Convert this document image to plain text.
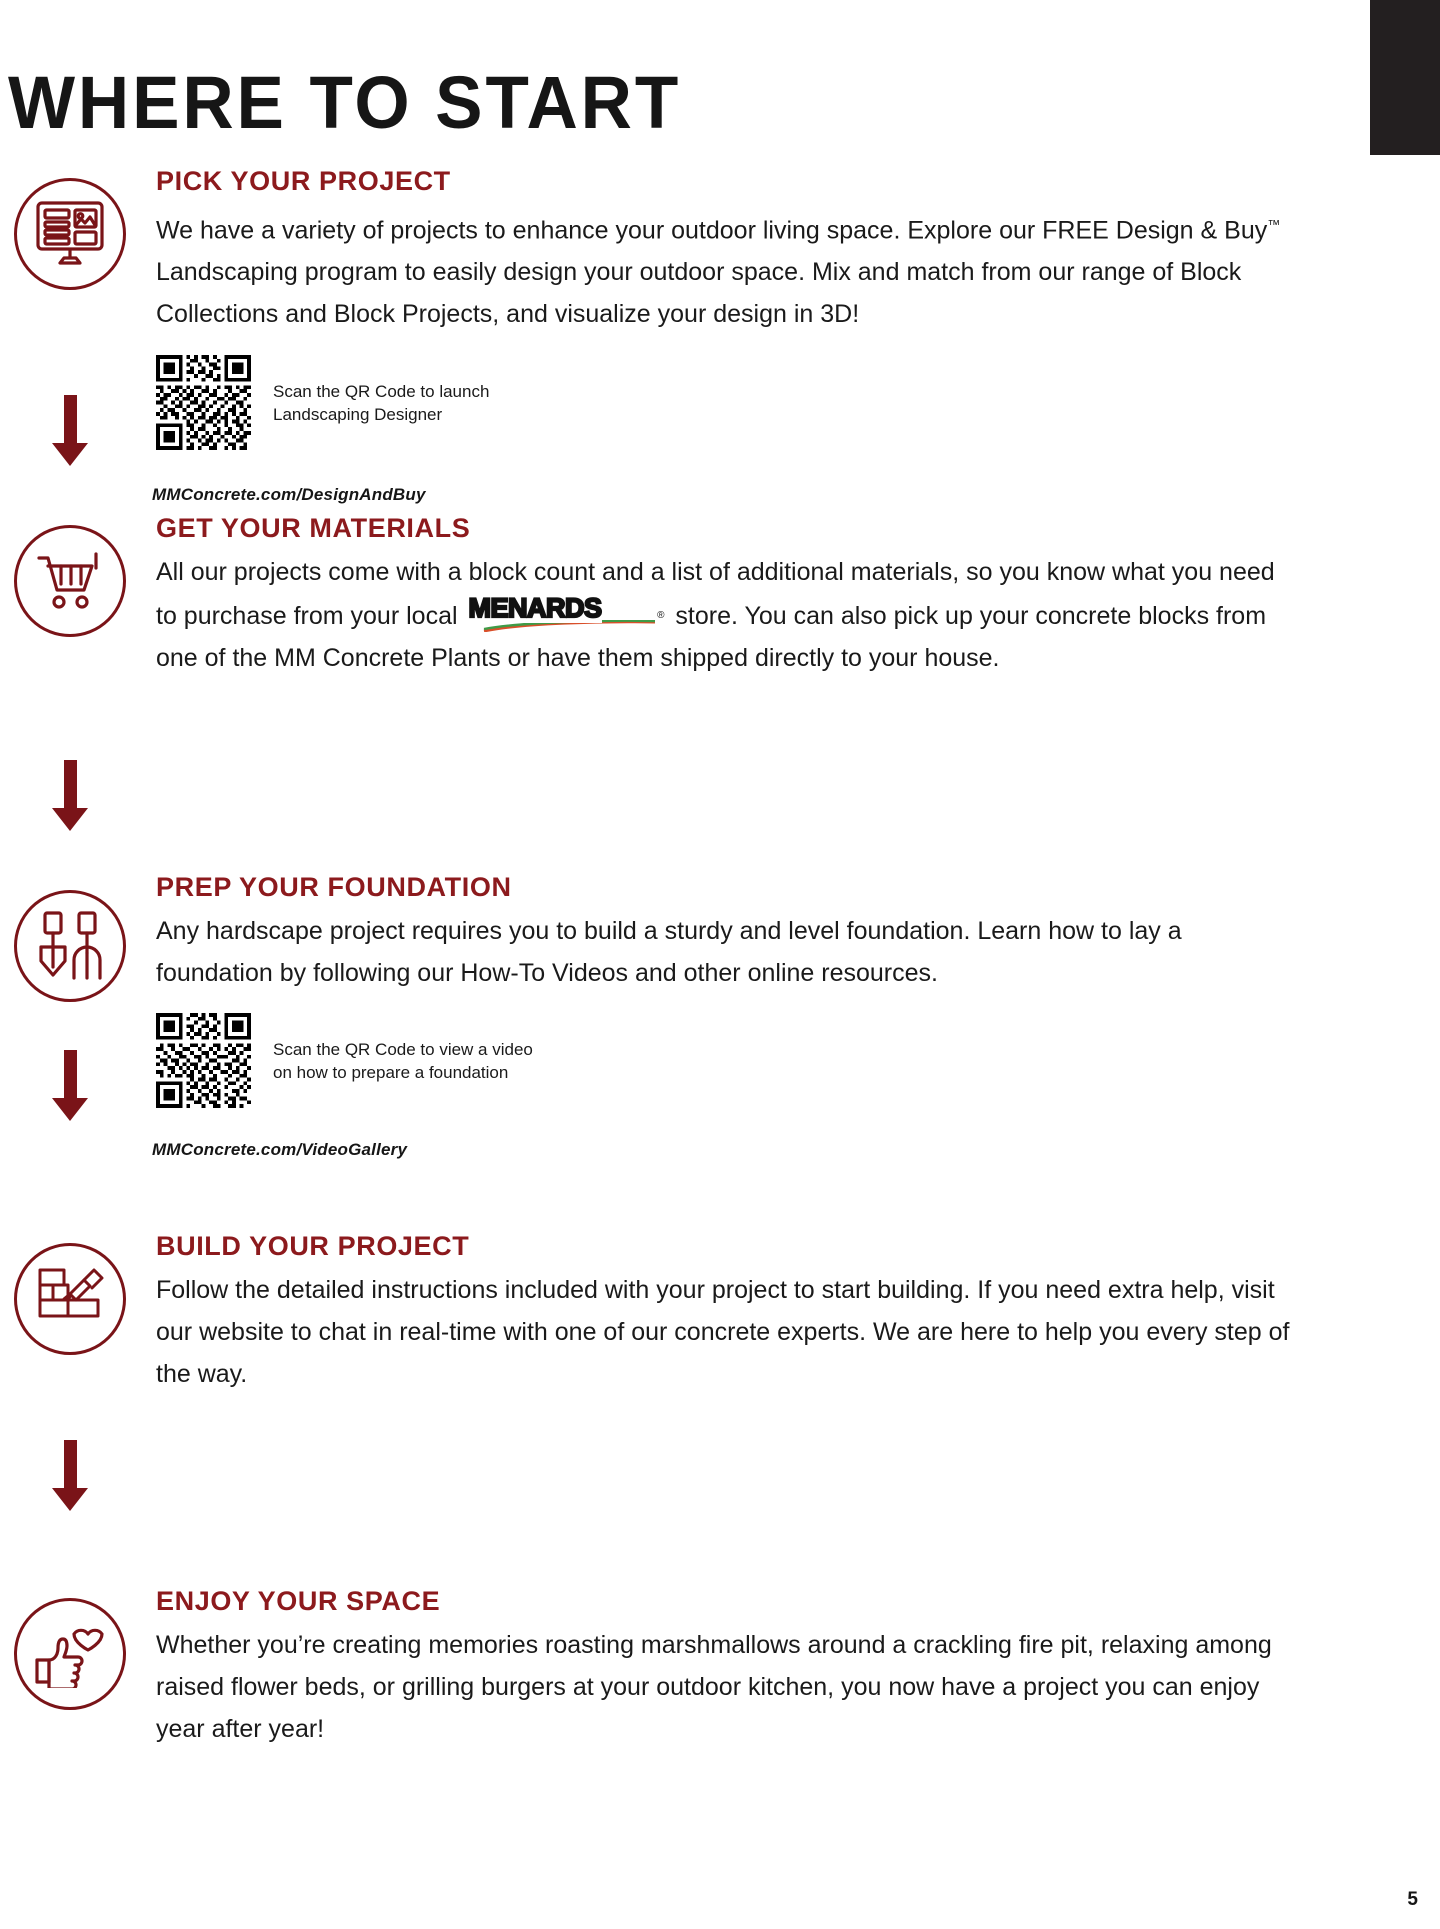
WHERE TO START
PICK YOUR PROJECT
We have a variety of projects to enhance your outdoor living space. Explore our FREE Design & Buy™ Landscaping program to easily design your outdoor space. Mix and match from our range of Block Collections and Block Projects, and visualize your design in 3D!
Scan the QR Code to launch
Landscaping Designer
MMConcrete.com/DesignAndBuy
GET YOUR MATERIALS
All our projects come with a block count and a list of additional materials, so you know what you need to purchase from your local MENARDS	® store. You can also pick up your concrete blocks from one of the MM Concrete Plants or have them shipped directly to your house.
PREP YOUR FOUNDATION
Any hardscape project requires you to build a sturdy and level foundation. Learn how to lay a foundation by following our How-To Videos and other online resources.
Scan the QR Code to view a video
on how to prepare a foundation
MMConcrete.com/VideoGallery
BUILD YOUR PROJECT
Follow the detailed instructions included with your project to start building. If you need extra help, visit our website to chat in real-time with one of our concrete experts. We are here to help you every step of the way.
ENJOY YOUR SPACE
Whether you’re creating memories roasting marshmallows around a crackling fire pit, relaxing among raised flower beds, or grilling burgers at your outdoor kitchen, you now have a project you can enjoy year after year!
5
